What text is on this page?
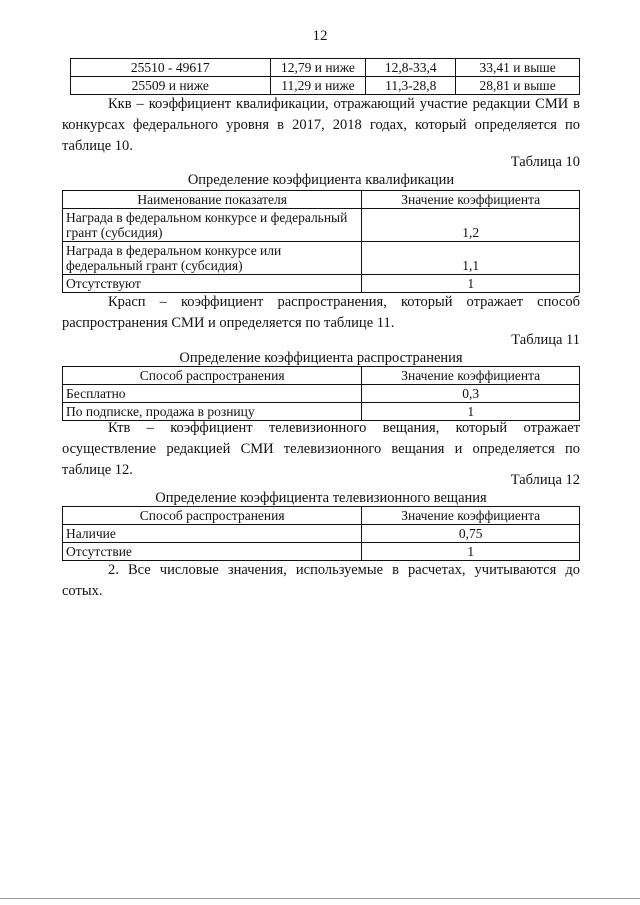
12
25510 - 49617	12,79 и ниже	12,8-33,4	33,41 и выше
25509 и ниже	11,29 и ниже	11,3-28,8	28,81 и выше

Ккв – коэффициент квалификации, отражающий участие редакции СМИ в конкурсах федерального уровня в 2017, 2018 годах, который определяется по таблице 10.

Таблица 10
Определение коэффициента квалификации
Наименование показателя	Значение коэффициента
Награда в федеральном конкурсе и федеральный грант (субсидия)	1,2
Награда в федеральном конкурсе или федеральный грант (субсидия)	1,1
Отсутствуют	1

Красп – коэффициент распространения, который отражает способ распространения СМИ и определяется по таблице 11.

Таблица 11
Определение коэффициента распространения
Способ распространения	Значение коэффициента
Бесплатно	0,3
По подписке, продажа в розницу	1

Ктв – коэффициент телевизионного вещания, который отражает осуществление редакцией СМИ телевизионного вещания и определяется по таблице 12.

Таблица 12
Определение коэффициента телевизионного вещания
Способ распространения	Значение коэффициента
Наличие	0,75
Отсутствие	1

2. Все числовые значения, используемые в расчетах, учитываются до сотых.
